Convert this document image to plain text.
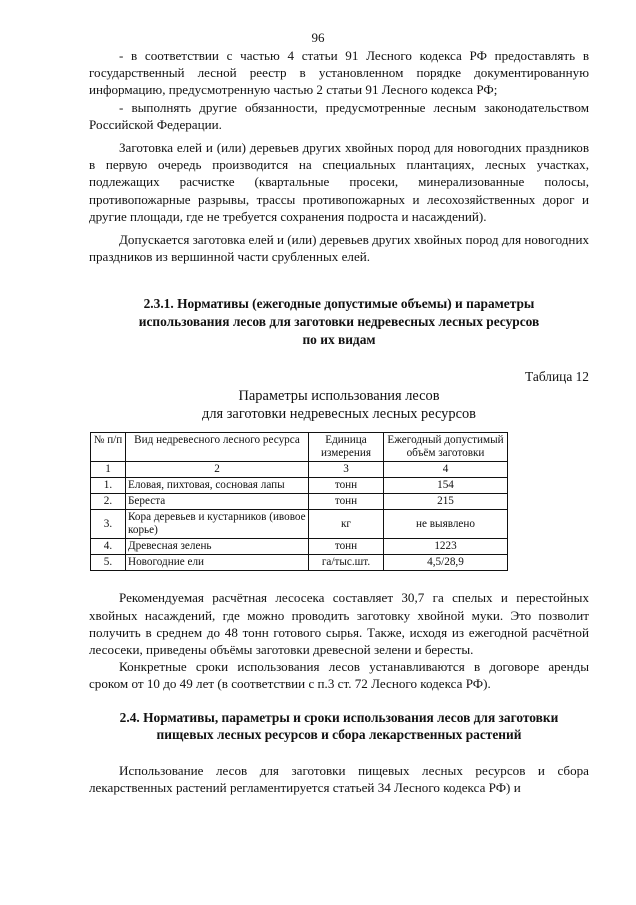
96

- в соответствии с частью 4 статьи 91 Лесного кодекса РФ предоставлять в государственный лесной реестр в установленном порядке документированную информацию, предусмотренную частью 2 статьи 91 Лесного кодекса РФ;

- выполнять другие обязанности, предусмотренные лесным законодательством Российской Федерации.

Заготовка елей и (или) деревьев других хвойных пород для новогодних праздников в первую очередь производится на специальных плантациях, лесных участках, подлежащих расчистке (квартальные просеки, минерализованные полосы, противопожарные разрывы, трассы противопожарных и лесохозяйственных дорог и другие площади, где не требуется сохранения подроста и насаждений).

Допускается заготовка елей и (или) деревьев других хвойных пород для новогодних праздников из вершинной части срубленных елей.

2.3.1. Нормативы (ежегодные допустимые объемы) и параметры
использования лесов для заготовки недревесных лесных ресурсов
по их видам
Таблица 12
Параметры использования лесов
для заготовки недревесных лесных ресурсов
№ п/п	Вид недревесного лесного ресурса	Единица измерения	Ежегодный допустимый объём заготовки
1	2	3	4
1.	Еловая, пихтовая, сосновая лапы	тонн	154
2.	Береста	тонн	215
3.	Кора деревьев и кустарников (ивовое корье)	кг	не выявлено
4.	Древесная зелень	тонн	1223
5.	Новогодние ели	га/тыс.шт.	4,5/28,9

Рекомендуемая расчётная лесосека составляет 30,7 га спелых и перестойных хвойных насаждений, где можно проводить заготовку хвойной муки. Это позволит получить в среднем до 48 тонн готового сырья. Также, исходя из ежегодной расчётной лесосеки, приведены объёмы заготовки древесной зелени и бересты.

Конкретные сроки использования лесов устанавливаются в договоре аренды сроком от 10 до 49 лет (в соответствии с п.3 ст. 72 Лесного кодекса РФ).

2.4. Нормативы, параметры и сроки использования лесов для заготовки
пищевых лесных ресурсов и сбора лекарственных растений

Использование лесов для заготовки пищевых лесных ресурсов и сбора лекарственных растений регламентируется статьей 34 Лесного кодекса РФ) и
